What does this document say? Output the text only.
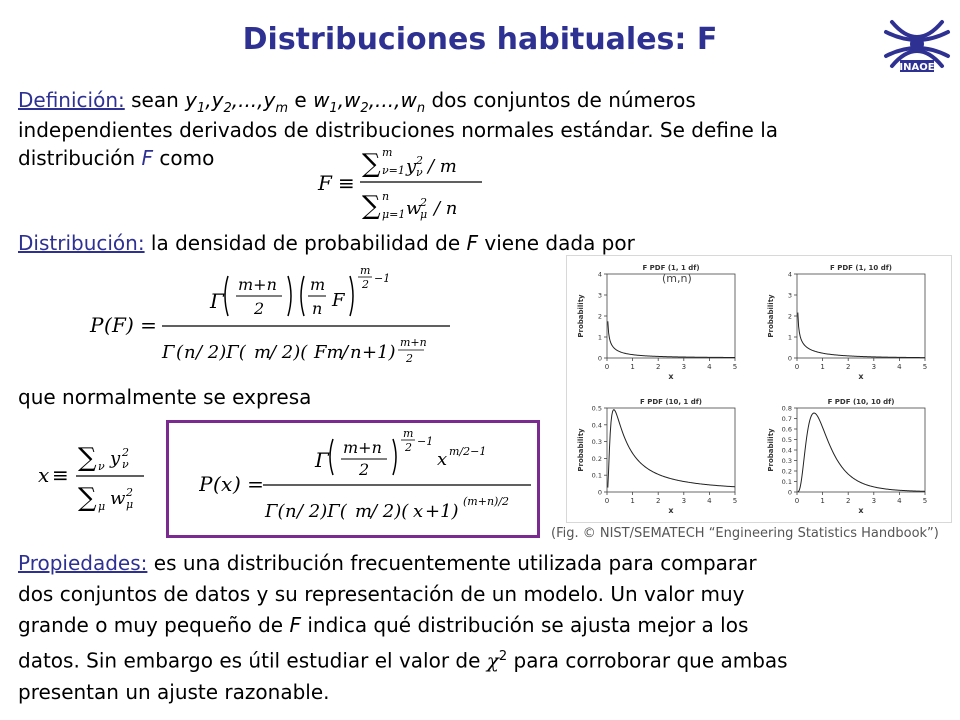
Distribuciones habituales: F
INAOE
Definición: sean $y_1,y_2,...,y_m$ e $w_1,w_2,...,w_n$ dos conjuntos de números
independientes derivados de distribuciones normales estándar. Se define la
distribución F como
F ≡
∑ m
ν=1 y 2
ν / m
∑ n
μ=1 w
2
μ / n
Distribución: la densidad de probabilidad de F viene dada por
P ( F ) =
Γ
m+n
2
m
n F
m
2 −1
Γ ( n / 2)Γ( m
/ 2)( Fm
/ n +1) m+n
2
que normalmente se expresa
x ≡
∑ ν y 2
ν
∑ μ w 2
μ
P ( x ) =
Γ
m+n
2
m
2 −1
x m/2−1
Γ( n / 2)Γ( m
/ 2)( x +1) (m+n)/2
F PDF (1, 1 df)
0	1	2	3	4	5
0
1
2
3
4
x
Probability
F PDF (1, 10 df)
0	1	2	3	4	5
0
1
2
3
4
x
Probability
F PDF (10, 1 df)
0	1	2	3	4	5
0
0.1
0.2
0.3
0.4
0.5
x
Probability
F PDF (10, 10 df)
0	1	2	3	4	5
0
0.1
0.2
0.3
0.4
0.5
0.6
0.7
0.8
x
Probability
(m,n)
(Fig. © NIST/SEMATECH “Engineering Statistics Handbook”)
Propiedades: es una distribución frecuentemente utilizada para comparar
dos conjuntos de datos y su representación de un modelo. Un valor muy
grande o muy pequeño de F indica qué distribución se ajusta mejor a los
datos. Sin embargo es útil estudiar el valor de $\chi^2$ para corroborar que ambas
presentan un ajuste razonable.
